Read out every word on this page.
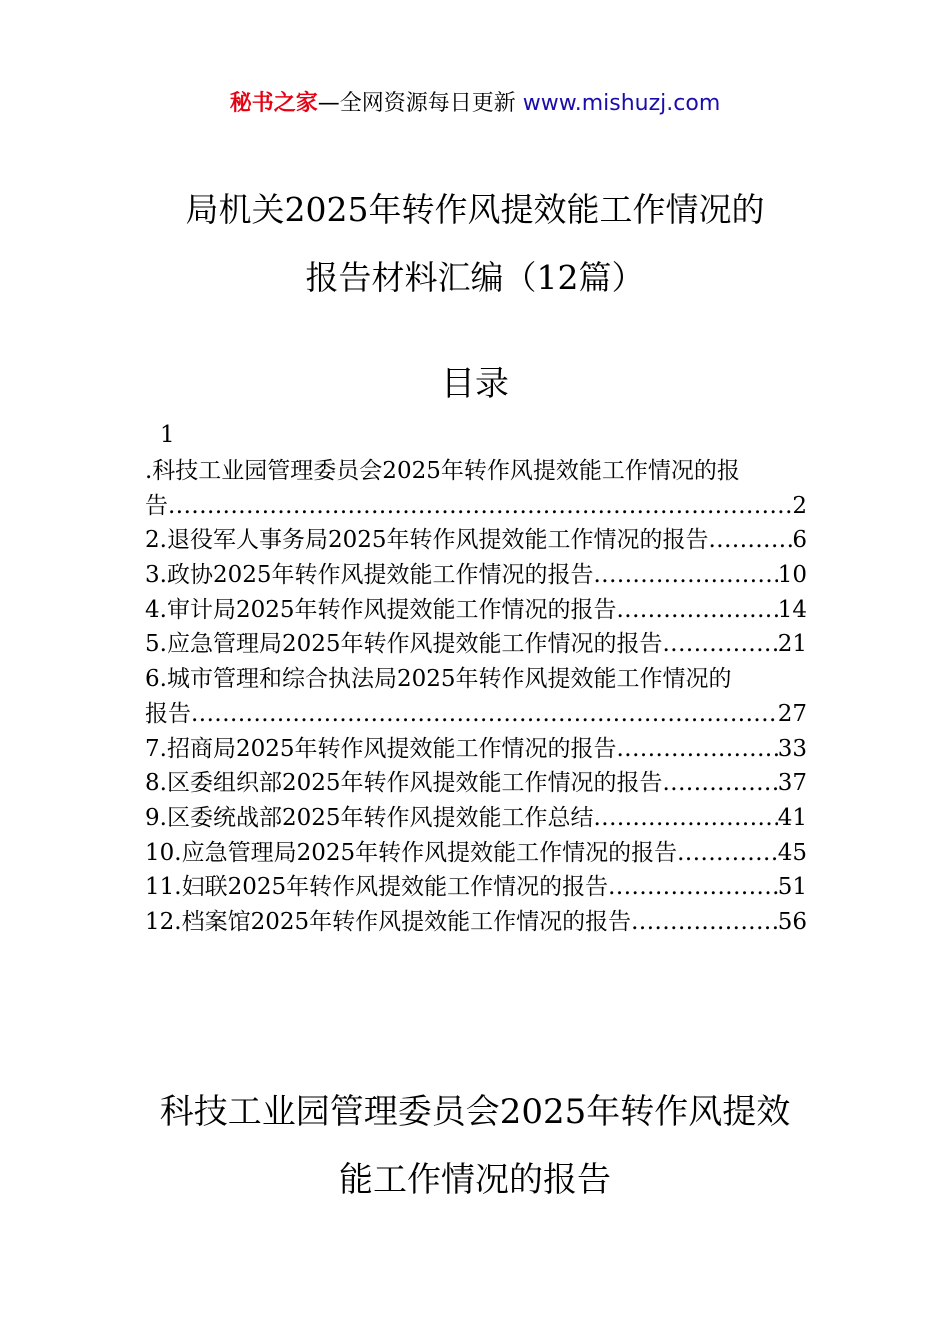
秘书之家—全网资源每日更新 www.mishuzj.com
局机关2025年转作风提效能工作情况的
报告材料汇编（12篇）
目录
1
.科技工业园管理委员会2025年转作风提效能工作情况的报
告 .....	2
2.退役军人事务局2025年转作风提效能工作情况的报告 .....	6
3.政协2025年转作风提效能工作情况的报告 .....	10
4.审计局2025年转作风提效能工作情况的报告 .....	14
5.应急管理局2025年转作风提效能工作情况的报告 .....	21
6.城市管理和综合执法局2025年转作风提效能工作情况的
报告 .....	27
7.招商局2025年转作风提效能工作情况的报告 .....	33
8.区委组织部2025年转作风提效能工作情况的报告 .....	37
9.区委统战部2025年转作风提效能工作总结 .....	41
10.应急管理局2025年转作风提效能工作情况的报告 .....	45
11.妇联2025年转作风提效能工作情况的报告 .....	51
12.档案馆2025年转作风提效能工作情况的报告 .....	56
科技工业园管理委员会2025年转作风提效
能工作情况的报告
